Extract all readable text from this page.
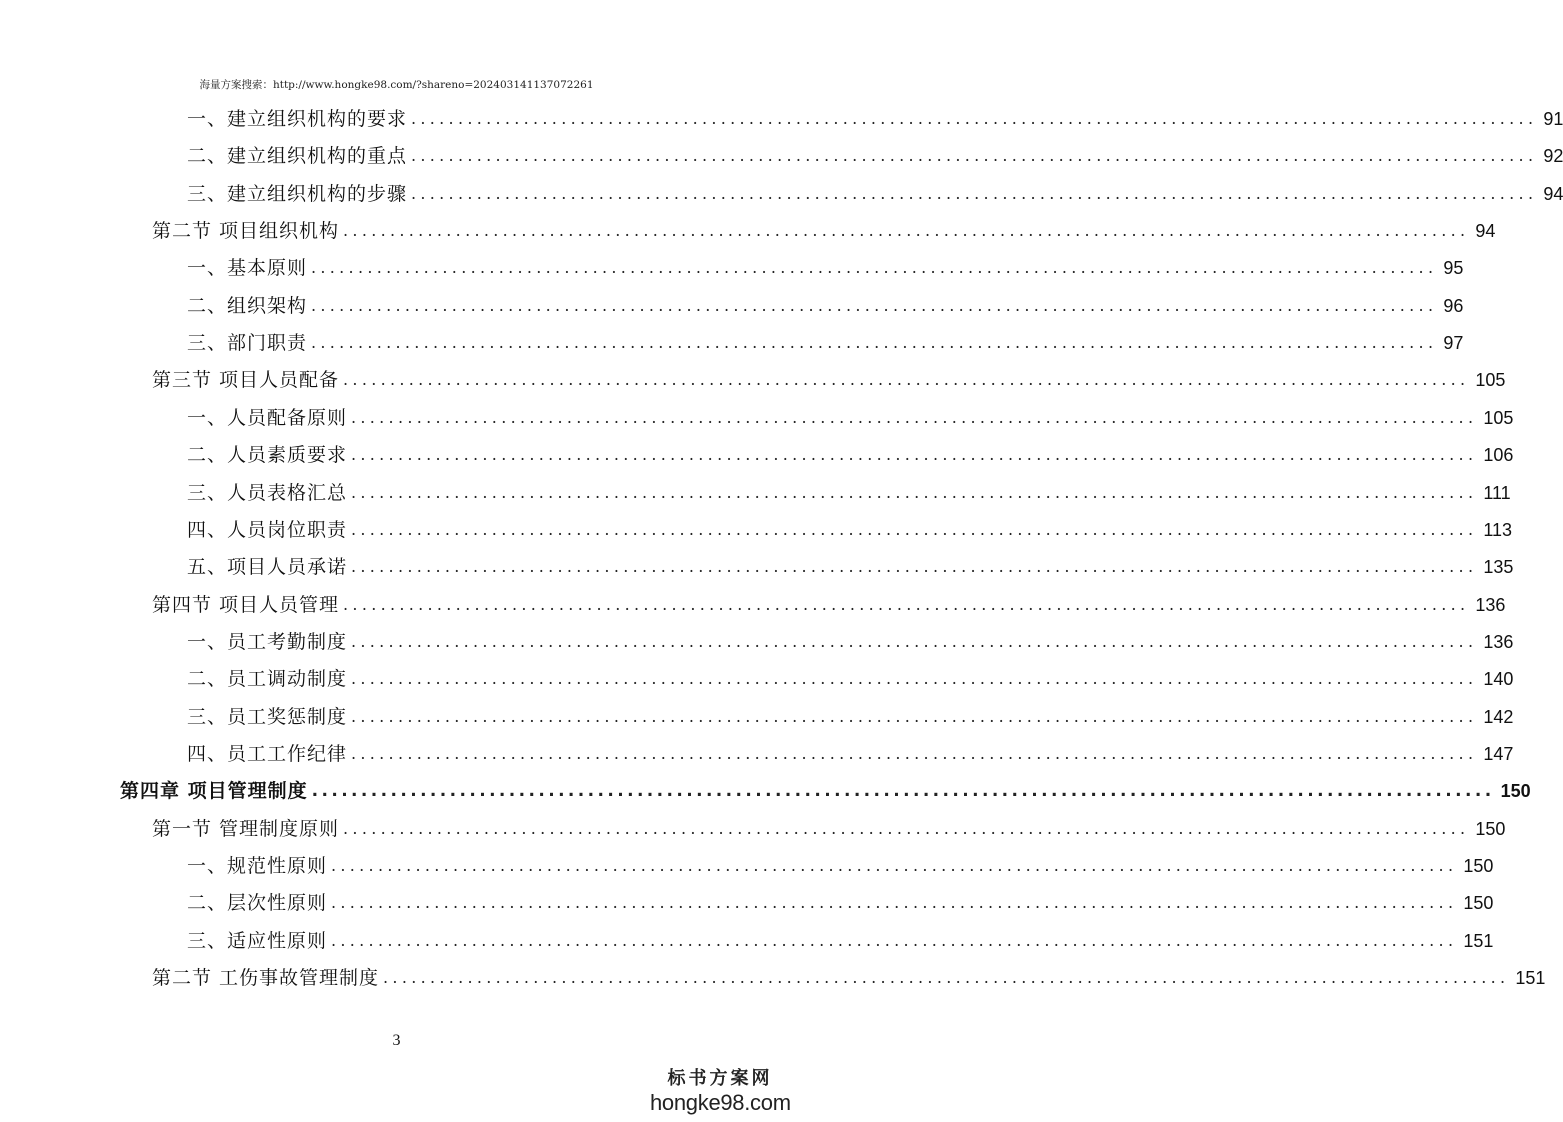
海量方案搜索：http://www.hongke98.com/?shareno=20240314113707226​1
一、建立组织机构的要求 ........................................................................................................................ 91
二、建立组织机构的重点 ........................................................................................................................ 92
三、建立组织机构的步骤 ........................................................................................................................ 94
第二节 项目组织机构 ........................................................................................................................ 94
一、基本原则 ........................................................................................................................ 95
二、组织架构 ........................................................................................................................ 96
三、部门职责 ........................................................................................................................ 97
第三节 项目人员配备 ........................................................................................................................ 105
一、人员配备原则 ........................................................................................................................ 105
二、人员素质要求 ........................................................................................................................ 106
三、人员表格汇总 ........................................................................................................................ 111
四、人员岗位职责 ........................................................................................................................ 113
五、项目人员承诺 ........................................................................................................................ 135
第四节 项目人员管理 ........................................................................................................................ 136
一、员工考勤制度 ........................................................................................................................ 136
二、员工调动制度 ........................................................................................................................ 140
三、员工奖惩制度 ........................................................................................................................ 142
四、员工工作纪律 ........................................................................................................................ 147
第四章 项目管理制度 ........................................................................................................................ 150
第一节 管理制度原则 ........................................................................................................................ 150
一、规范性原则 ........................................................................................................................ 150
二、层次性原则 ........................................................................................................................ 150
三、适应性原则 ........................................................................................................................ 151
第二节 工伤事故管理制度 ........................................................................................................................ 151
3
标书方案网
hongke98.com
